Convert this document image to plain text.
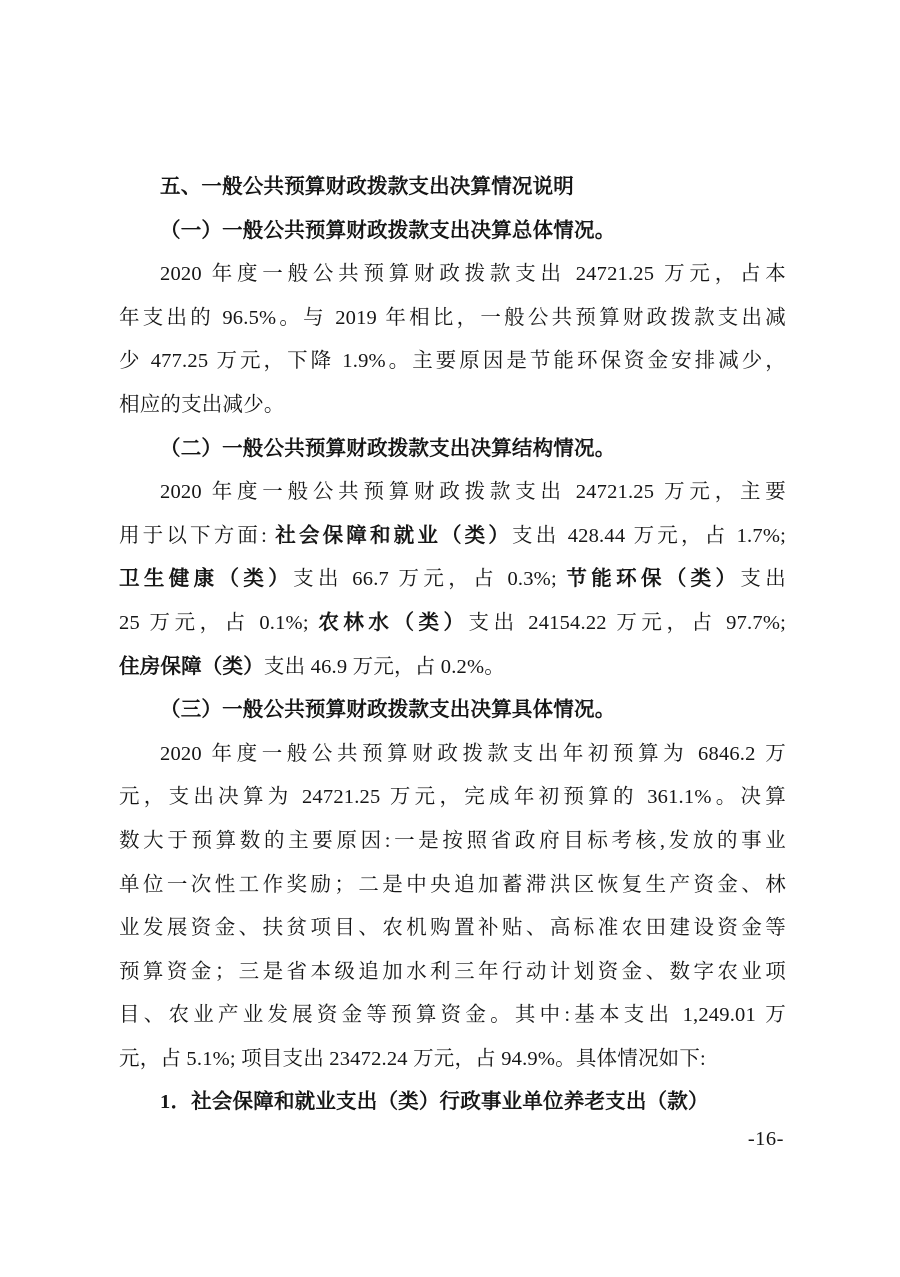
五、一般公共预算财政拨款支出决算情况说明
（一）一般公共预算财政拨款支出决算总体情况。
2020 年度一般公共预算财政拨款支出 24721.25 万元，占本
年支出的 96.5%。与 2019 年相比，一般公共预算财政拨款支出减
少 477.25 万元，下降 1.9%。主要原因是节能环保资金安排减少，
相应的支出减少。
（二）一般公共预算财政拨款支出决算结构情况。
2020 年度一般公共预算财政拨款支出 24721.25 万元，主要
用于以下方面: 社会保障和就业（类）支出 428.44 万元，占 1.7%;
卫生健康（类）支出 66.7 万元，占 0.3%; 节能环保（类）支出
25 万元，占 0.1%; 农林水（类）支出 24154.22 万元，占 97.7%;
住房保障（类）支出 46.9 万元，占 0.2%。
（三）一般公共预算财政拨款支出决算具体情况。
2020 年度一般公共预算财政拨款支出年初预算为 6846.2 万
元，支出决算为 24721.25 万元，完成年初预算的 361.1%。决算
数大于预算数的主要原因:一是按照省政府目标考核,发放的事业
单位一次性工作奖励；二是中央追加蓄滞洪区恢复生产资金、林
业发展资金、扶贫项目、农机购置补贴、高标准农田建设资金等
预算资金；三是省本级追加水利三年行动计划资金、数字农业项
目、农业产业发展资金等预算资金。其中:基本支出 1,249.01 万
元，占 5.1%; 项目支出 23472.24 万元，占 94.9%。具体情况如下:
1．社会保障和就业支出（类）行政事业单位养老支出（款）
-16-
